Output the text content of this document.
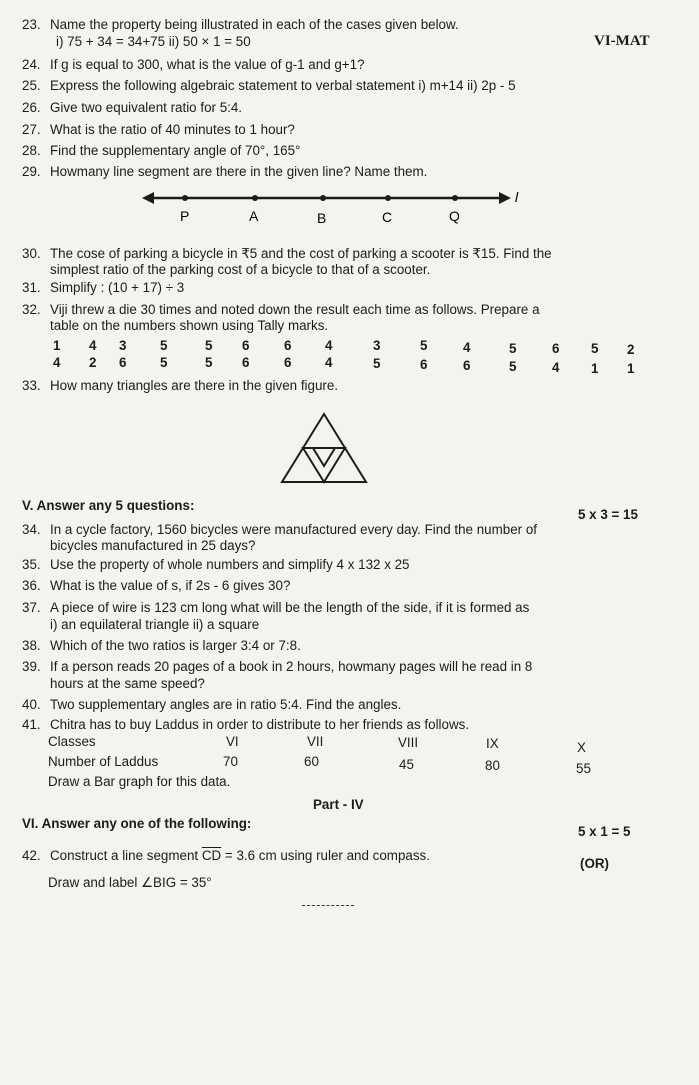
VI-MAT
23. Name the property being illustrated in each of the cases given below.
i) 75 + 34 = 34+75 ii) 50 × 1 = 50
24. If g is equal to 300, what is the value of g-1 and g+1?
25. Express the following algebraic statement to verbal statement i) m+14 ii) 2p - 5
26. Give two equivalent ratio for 5:4.
27. What is the ratio of 40 minutes to 1 hour?
28. Find the supplementary angle of 70°, 165°
29. Howmany line segment are there in the given line? Name them.
P	A	B	C	Q
l
30. The cose of parking a bicycle in ₹5 and the cost of parking a scooter is ₹15. Find the
simplest ratio of the parking cost of a bicycle to that of a scooter.
31. Simplify : (10 + 17) ÷ 3
32. Viji threw a die 30 times and noted down the result each time as follows. Prepare a
table on the numbers shown using Tally marks.
1 4 3	5	5 6	6	4	3	5	4	5	6 5 2
4 2 6	5	5 6	6	4	5	6	6	5	4 1 1
33. How many triangles are there in the given figure.
V. Answer any 5 questions:
5 x 3 = 15
34. In a cycle factory, 1560 bicycles were manufactured every day. Find the number of
bicycles manufactured in 25 days?
35. Use the property of whole numbers and simplify 4 x 132 x 25
36. What is the value of s, if 2s - 6 gives 30?
37. A piece of wire is 123 cm long what will be the length of the side, if it is formed as
i) an equilateral triangle ii) a square
38. Which of the two ratios is larger 3:4 or 7:8.
39. If a person reads 20 pages of a book in 2 hours, howmany pages will he read in 8
hours at the same speed?
40. Two supplementary angles are in ratio 5:4. Find the angles.
41. Chitra has to buy Laddus in order to distribute to her friends as follows.
Classes	VI	VII	VIII	IX	X
Number of Laddus	70	60	45	80	55
Draw a Bar graph for this data.
Part - IV
VI. Answer any one of the following:
5 x 1 = 5
42. Construct a line segment $\overline{CD} = 3.6$ cm using ruler and compass.
(OR)
Draw and label ∠BIG = 35°
